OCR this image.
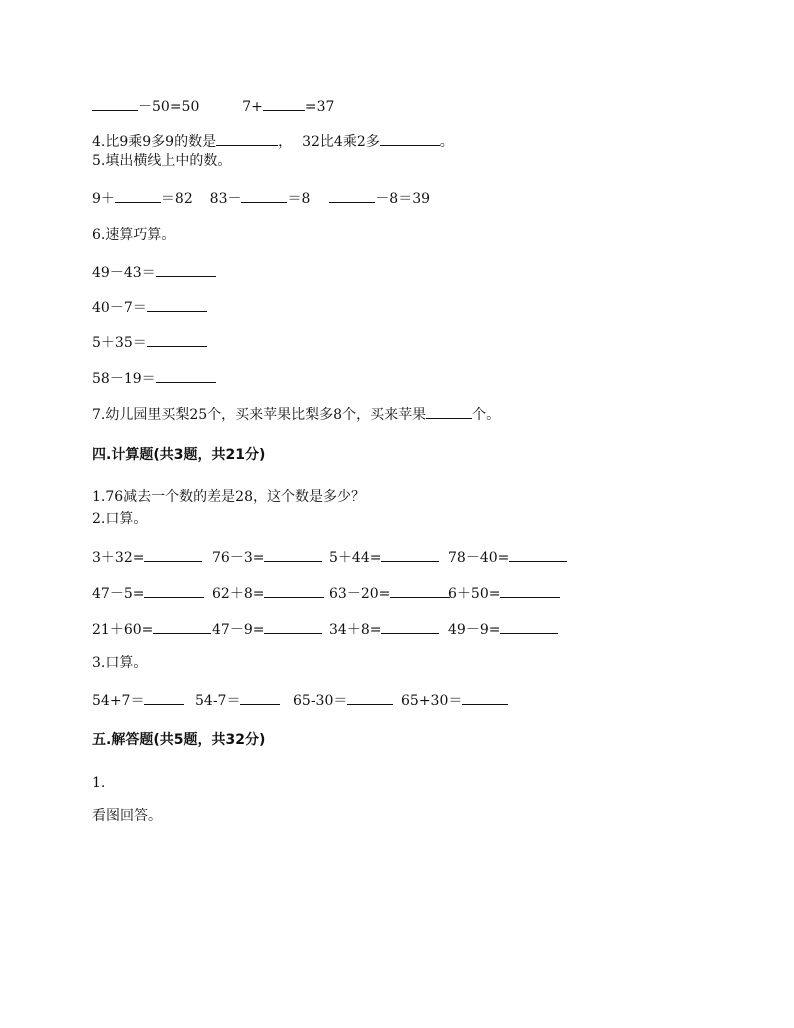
－50=50	7+	=37
4.比9乘9多9的数是	， 32比4乘2多	。
5.填出横线上中的数。
9＋	＝82 83－	＝8	－8＝39
6.速算巧算。
49－43＝
40－7＝
5＋35＝
58－19＝
7.幼儿园里买梨25个，买来苹果比梨多8个，买来苹果	个。
四.计算题(共3题，共21分)
1.76减去一个数的差是28，这个数是多少？
2.口算。
3＋32=	76－3=	5＋44=	78－40=
47－5=	62＋8=	63－20=	6＋50=
21＋60=	47－9=	34＋8=	49－9=
3.口算。
54+7＝	54-7＝	65-30＝	65+30＝
五.解答题(共5题，共32分)
1.
看图回答。
